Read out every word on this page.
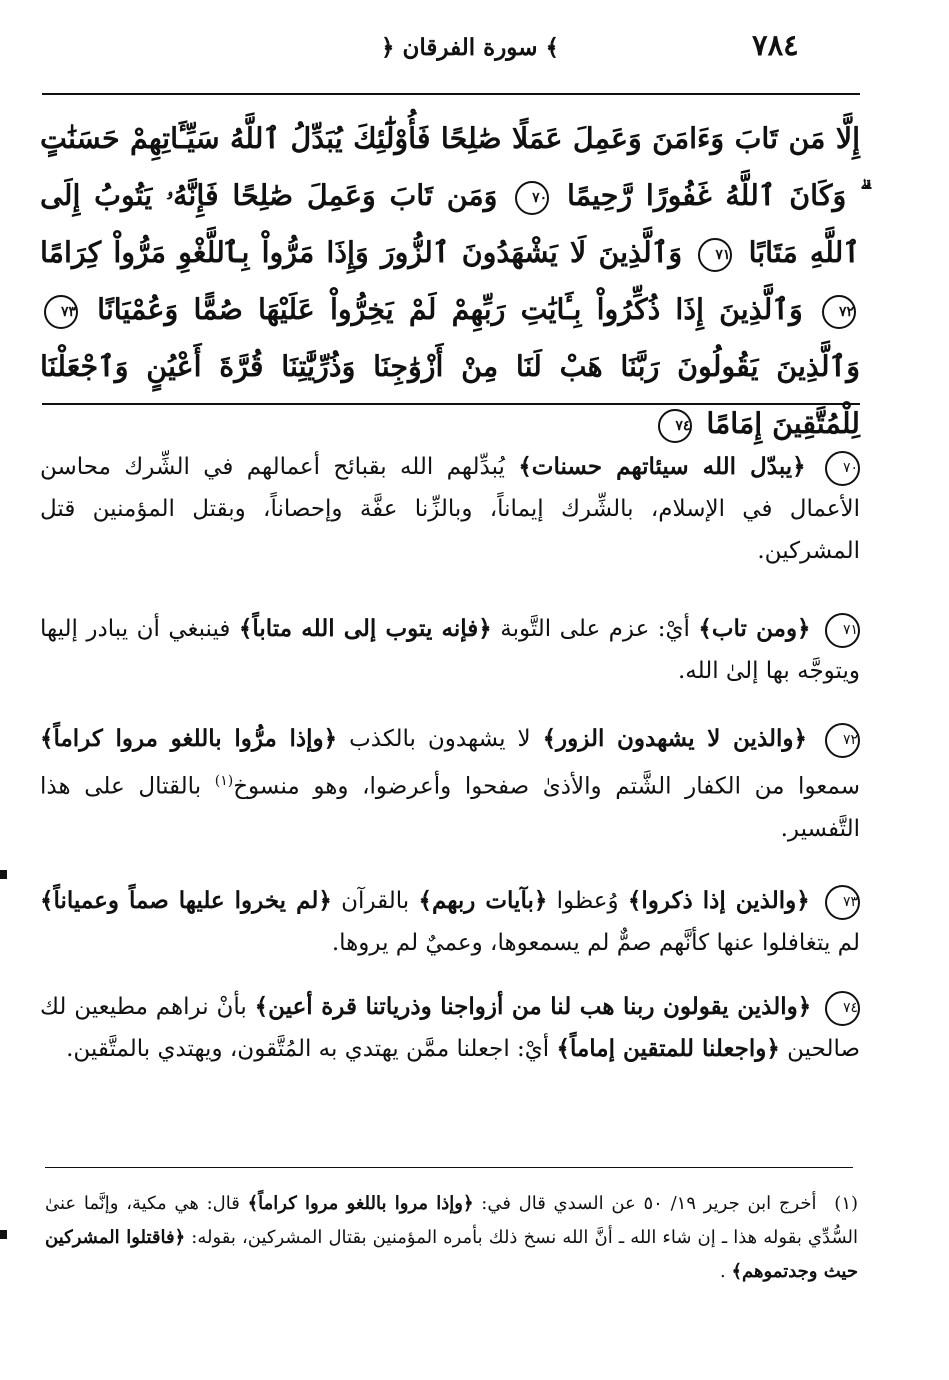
٧٨٤
﴿ سورة الفرقان ﴾
إِلَّا مَن تَابَ وَءَامَنَ وَعَمِلَ عَمَلًا صَٰلِحًا فَأُوْلَٰٓئِكَ يُبَدِّلُ ٱللَّهُ سَيِّـَٔاتِهِمْ حَسَنَٰتٍ ۗ وَكَانَ ٱللَّهُ غَفُورًا رَّحِيمًا ٧٠ وَمَن تَابَ وَعَمِلَ صَٰلِحًا فَإِنَّهُۥ يَتُوبُ إِلَى ٱللَّهِ مَتَابًا ٧١ وَٱلَّذِينَ لَا يَشْهَدُونَ ٱلزُّورَ وَإِذَا مَرُّواْ بِٱللَّغْوِ مَرُّواْ كِرَامًا ٧٢ وَٱلَّذِينَ إِذَا ذُكِّرُواْ بِـَٔايَٰتِ رَبِّهِمْ لَمْ يَخِرُّواْ عَلَيْهَا صُمًّا وَعُمْيَانًا ٧٣ وَٱلَّذِينَ يَقُولُونَ رَبَّنَا هَبْ لَنَا مِنْ أَزْوَٰجِنَا وَذُرِّيَّٰتِنَا قُرَّةَ أَعْيُنٍ وَٱجْعَلْنَا لِلْمُتَّقِينَ إِمَامًا ٧٤
٧٠ ﴿يبدّل الله سيئاتهم حسنات﴾ يُبدِّلهم الله بقبائح أعمالهم في الشِّرك محاسن الأعمال في الإسلام، بالشِّرك إيماناً، وبالزِّنا عفَّة وإحصاناً، وبقتل المؤمنين قتل المشركين.
٧١ ﴿ومن تاب﴾ أيْ: عزم على التَّوبة ﴿فإنه يتوب إلى الله متاباً﴾ فينبغي أن يبادر إليها ويتوجَّه بها إلىٰ الله.
٧٢ ﴿والذين لا يشهدون الزور﴾ لا يشهدون بالكذب ﴿وإذا مرُّوا باللغو مروا كراماً﴾ سمعوا من الكفار الشَّتم والأذىٰ صفحوا وأعرضوا، وهو منسوخ$^{(١)}$ بالقتال على هذا التَّفسير.
٧٣ ﴿والذين إذا ذكروا﴾ وُعظوا ﴿بآيات ربهم﴾ بالقرآن ﴿لم يخروا عليها صماً وعمياناً﴾ لم يتغافلوا عنها كأنَّهم صمٌّ لم يسمعوها، وعميٌ لم يروها.
٧٤ ﴿والذين يقولون ربنا هب لنا من أزواجنا وذرياتنا قرة أعين﴾ بأنْ نراهم مطيعين لك صالحين ﴿واجعلنا للمتقين إماماً﴾ أيْ: اجعلنا ممَّن يهتدي به المُتَّقون، ويهتدي بالمتَّقين.
(١) أخرج ابن جرير ١٩/ ٥٠ عن السدي قال في: ﴿وإذا مروا باللغو مروا كراماً﴾ قال: هي مكية، وإنَّما عنىٰ السُّدِّي بقوله هذا ـ إن شاء الله ـ أنَّ الله نسخ ذلك بأمره المؤمنين بقتال المشركين، بقوله: ﴿فاقتلوا المشركين حيث وجدتموهم﴾ .
